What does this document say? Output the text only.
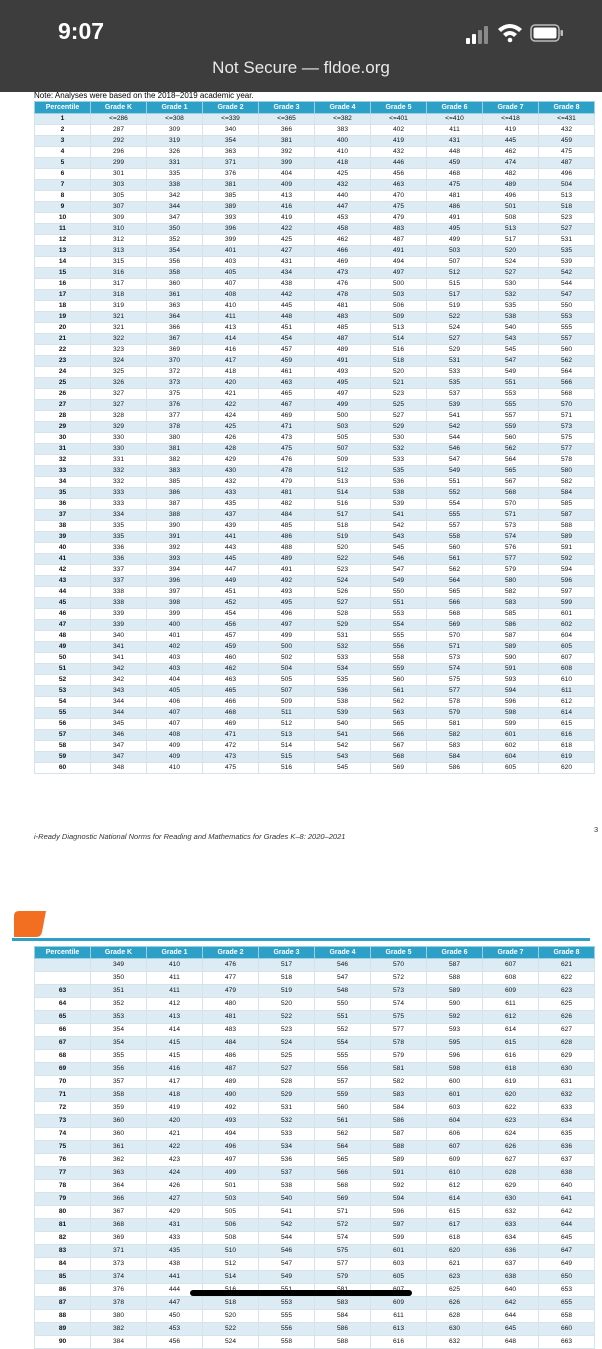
9:07
Not Secure — fldoe.org
Note: Analyses were based on the 2018–2019 academic year.
Percentile	Grade K	Grade 1	Grade 2	Grade 3	Grade 4	Grade 5	Grade 6	Grade 7	Grade 8
1	<=286	<=308	<=339	<=365	<=382	<=401	<=410	<=418	<=431
2	287	309	340	366	383	402	411	419	432
3	292	319	354	381	400	419	431	445	459
4	296	326	363	392	410	432	448	462	475
5	299	331	371	399	418	446	459	474	487
6	301	335	376	404	425	456	468	482	496
7	303	338	381	409	432	463	475	489	504
8	305	342	385	413	440	470	481	496	513
9	307	344	389	416	447	475	486	501	518
10	309	347	393	419	453	479	491	508	523
11	310	350	396	422	458	483	495	513	527
12	312	352	399	425	462	487	499	517	531
13	313	354	401	427	466	491	503	520	535
14	315	356	403	431	469	494	507	524	539
15	316	358	405	434	473	497	512	527	542
16	317	360	407	438	476	500	515	530	544
17	318	361	408	442	478	503	517	532	547
18	319	363	410	445	481	506	519	535	550
19	321	364	411	448	483	509	522	538	553
20	321	366	413	451	485	513	524	540	555
21	322	367	414	454	487	514	527	543	557
22	323	369	416	457	489	516	529	545	560
23	324	370	417	459	491	518	531	547	562
24	325	372	418	461	493	520	533	549	564
25	326	373	420	463	495	521	535	551	566
26	327	375	421	465	497	523	537	553	568
27	327	376	422	467	499	525	539	555	570
28	328	377	424	469	500	527	541	557	571
29	329	378	425	471	503	529	542	559	573
30	330	380	426	473	505	530	544	560	575
31	330	381	428	475	507	532	546	562	577
32	331	382	429	476	509	533	547	564	578
33	332	383	430	478	512	535	549	565	580
34	332	385	432	479	513	536	551	567	582
35	333	386	433	481	514	538	552	568	584
36	333	387	435	482	516	539	554	570	585
37	334	388	437	484	517	541	555	571	587
38	335	390	439	485	518	542	557	573	588
39	335	391	441	486	519	543	558	574	589
40	336	392	443	488	520	545	560	576	591
41	336	393	445	489	522	546	561	577	592
42	337	394	447	491	523	547	562	579	594
43	337	396	449	492	524	549	564	580	596
44	338	397	451	493	526	550	565	582	597
45	338	398	452	495	527	551	566	583	599
46	339	399	454	496	528	553	568	585	601
47	339	400	456	497	529	554	569	586	602
48	340	401	457	499	531	555	570	587	604
49	341	402	459	500	532	556	571	589	605
50	341	403	460	502	533	558	573	590	607
51	342	403	462	504	534	559	574	591	608
52	342	404	463	505	535	560	575	593	610
53	343	405	465	507	536	561	577	594	611
54	344	406	466	509	538	562	578	596	612
55	344	407	468	511	539	563	579	598	614
56	345	407	469	512	540	565	581	599	615
57	346	408	471	513	541	566	582	601	616
58	347	409	472	514	542	567	583	602	618
59	347	409	473	515	543	568	584	604	619
60	348	410	475	516	545	569	586	605	620
i-Ready Diagnostic National Norms for Reading and Mathematics for Grades K–8: 2020–2021
3
Percentile	Grade K	Grade 1	Grade 2	Grade 3	Grade 4	Grade 5	Grade 6	Grade 7	Grade 8
	349	410	476	517	546	570	587	607	621
	350	411	477	518	547	572	588	608	622
63	351	411	479	519	548	573	589	609	623
64	352	412	480	520	550	574	590	611	625
65	353	413	481	522	551	575	592	612	626
66	354	414	483	523	552	577	593	614	627
67	354	415	484	524	554	578	595	615	628
68	355	415	486	525	555	579	596	616	629
69	356	416	487	527	556	581	598	618	630
70	357	417	489	528	557	582	600	619	631
71	358	418	490	529	559	583	601	620	632
72	359	419	492	531	560	584	603	622	633
73	360	420	493	532	561	586	604	623	634
74	360	421	494	533	562	587	606	624	635
75	361	422	496	534	564	588	607	626	636
76	362	423	497	536	565	589	609	627	637
77	363	424	499	537	566	591	610	628	638
78	364	426	501	538	568	592	612	629	640
79	366	427	503	540	569	594	614	630	641
80	367	429	505	541	571	596	615	632	642
81	368	431	506	542	572	597	617	633	644
82	369	433	508	544	574	599	618	634	645
83	371	435	510	546	575	601	620	636	647
84	373	438	512	547	577	603	621	637	649
85	374	441	514	549	579	605	623	638	650
86	376	444					625	640	653
87	378	447	518	553	583	609	626	642	655
88	380	450	520	555	584	611	628	644	658
89	382	453	522	556	586	613	630	645	660
90	384	456	524	558	588	616	632	648	663
